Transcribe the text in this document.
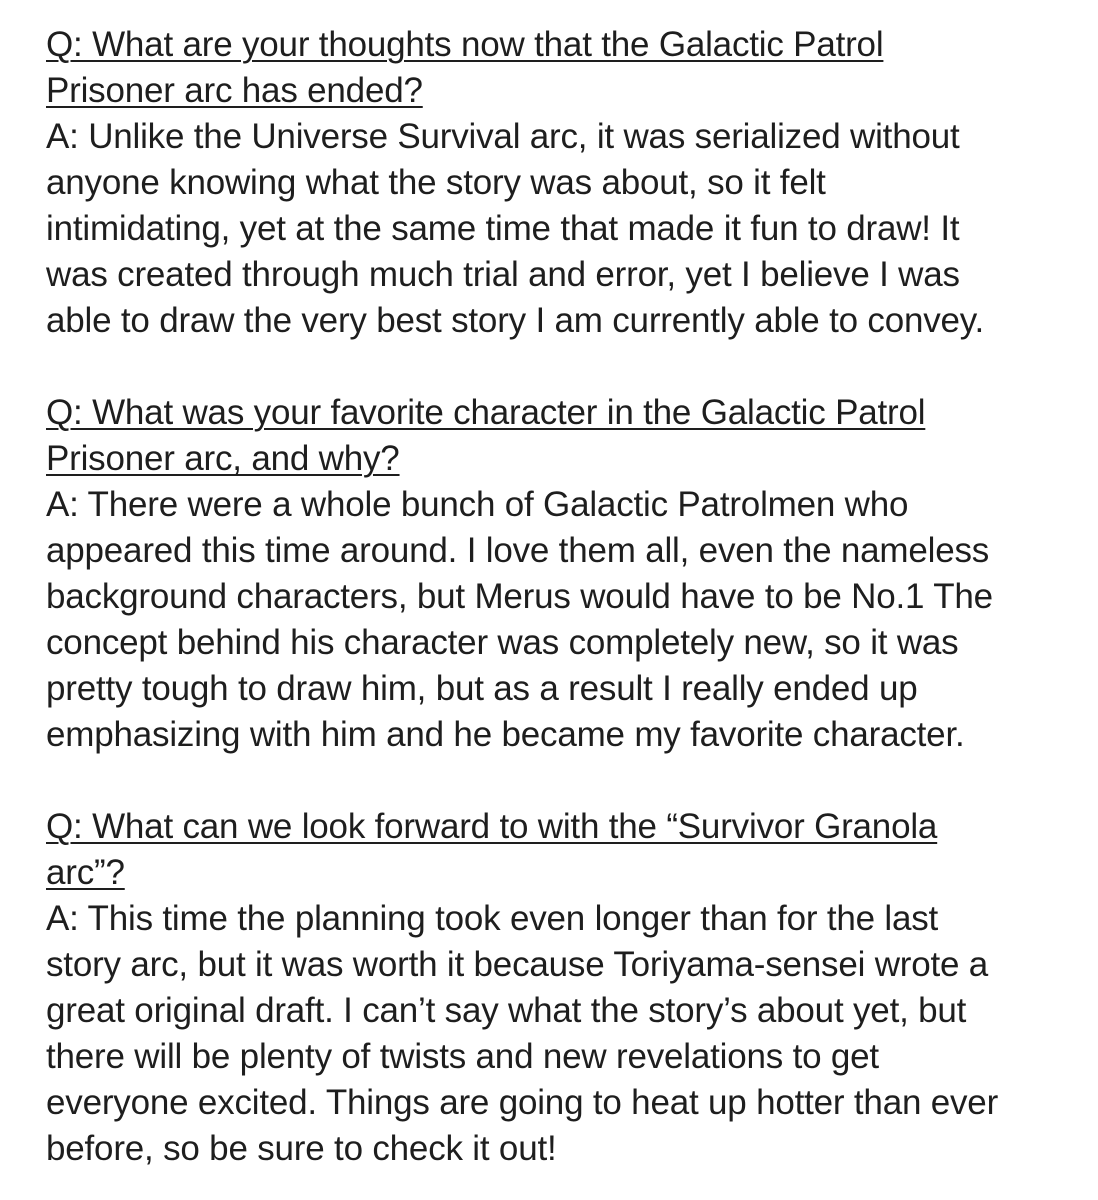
Q: What are your thoughts now that the Galactic Patrol
Prisoner arc has ended?
A: Unlike the Universe Survival arc, it was serialized without
anyone knowing what the story was about, so it felt
intimidating, yet at the same time that made it fun to draw! It
was created through much trial and error, yet I believe I was
able to draw the very best story I am currently able to convey.
Q: What was your favorite character in the Galactic Patrol
Prisoner arc, and why?
A: There were a whole bunch of Galactic Patrolmen who
appeared this time around. I love them all, even the nameless
background characters, but Merus would have to be No.1 The
concept behind his character was completely new, so it was
pretty tough to draw him, but as a result I really ended up
emphasizing with him and he became my favorite character.
Q: What can we look forward to with the “Survivor Granola
arc”?
A: This time the planning took even longer than for the last
story arc, but it was worth it because Toriyama-sensei wrote a
great original draft. I can’t say what the story’s about yet, but
there will be plenty of twists and new revelations to get
everyone excited. Things are going to heat up hotter than ever
before, so be sure to check it out!
